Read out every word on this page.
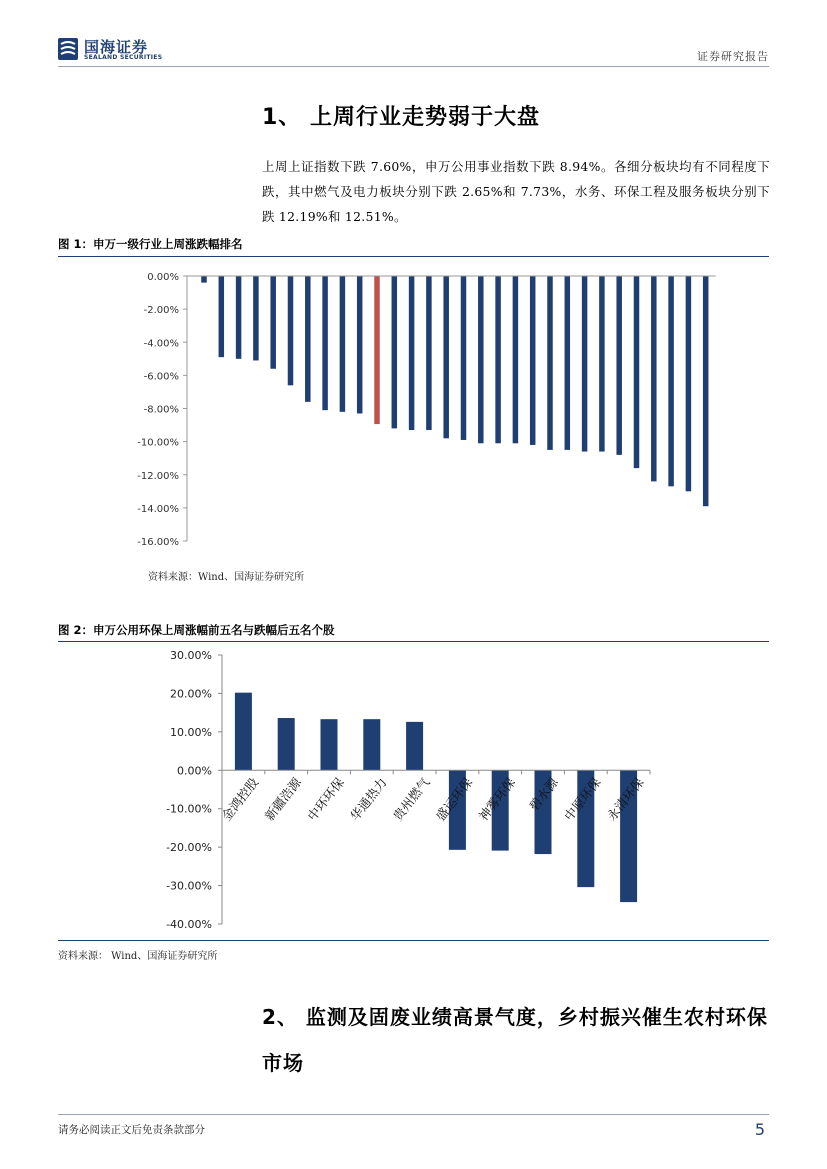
国海证券
SEALAND SECURITIES	证券研究报告
1、 上周行业走势弱于大盘
上周上证指数下跌 7.60%，申万公用事业指数下跌 8.94%。各细分板块均有不同程度下跌，其中燃气及电力板块分别下跌 2.65%和 7.73%，水务、环保工程及服务板块分别下跌 12.19%和 12.51%。
图 1：申万一级行业上周涨跌幅排名
0.00%
-2.00%
-4.00%
-6.00%
-8.00%
-10.00%
-12.00%
-14.00%
-16.00%
资料来源：Wind、国海证券研究所
图 2：申万公用环保上周涨幅前五名与跌幅后五名个股
30.00%
20.00%
10.00%
0.00%
-10.00%
-20.00%
-30.00%
-40.00%
金鸿控股 新疆浩源 中环环保 华通热力 贵州燃气 盛运环保 神雾环保 碧水源 中原环保 永清环保
资料来源： Wind、国海证券研究所
2、 监测及固废业绩高景气度，乡村振兴催生农村环保市场
请务必阅读正文后免责条款部分	5
